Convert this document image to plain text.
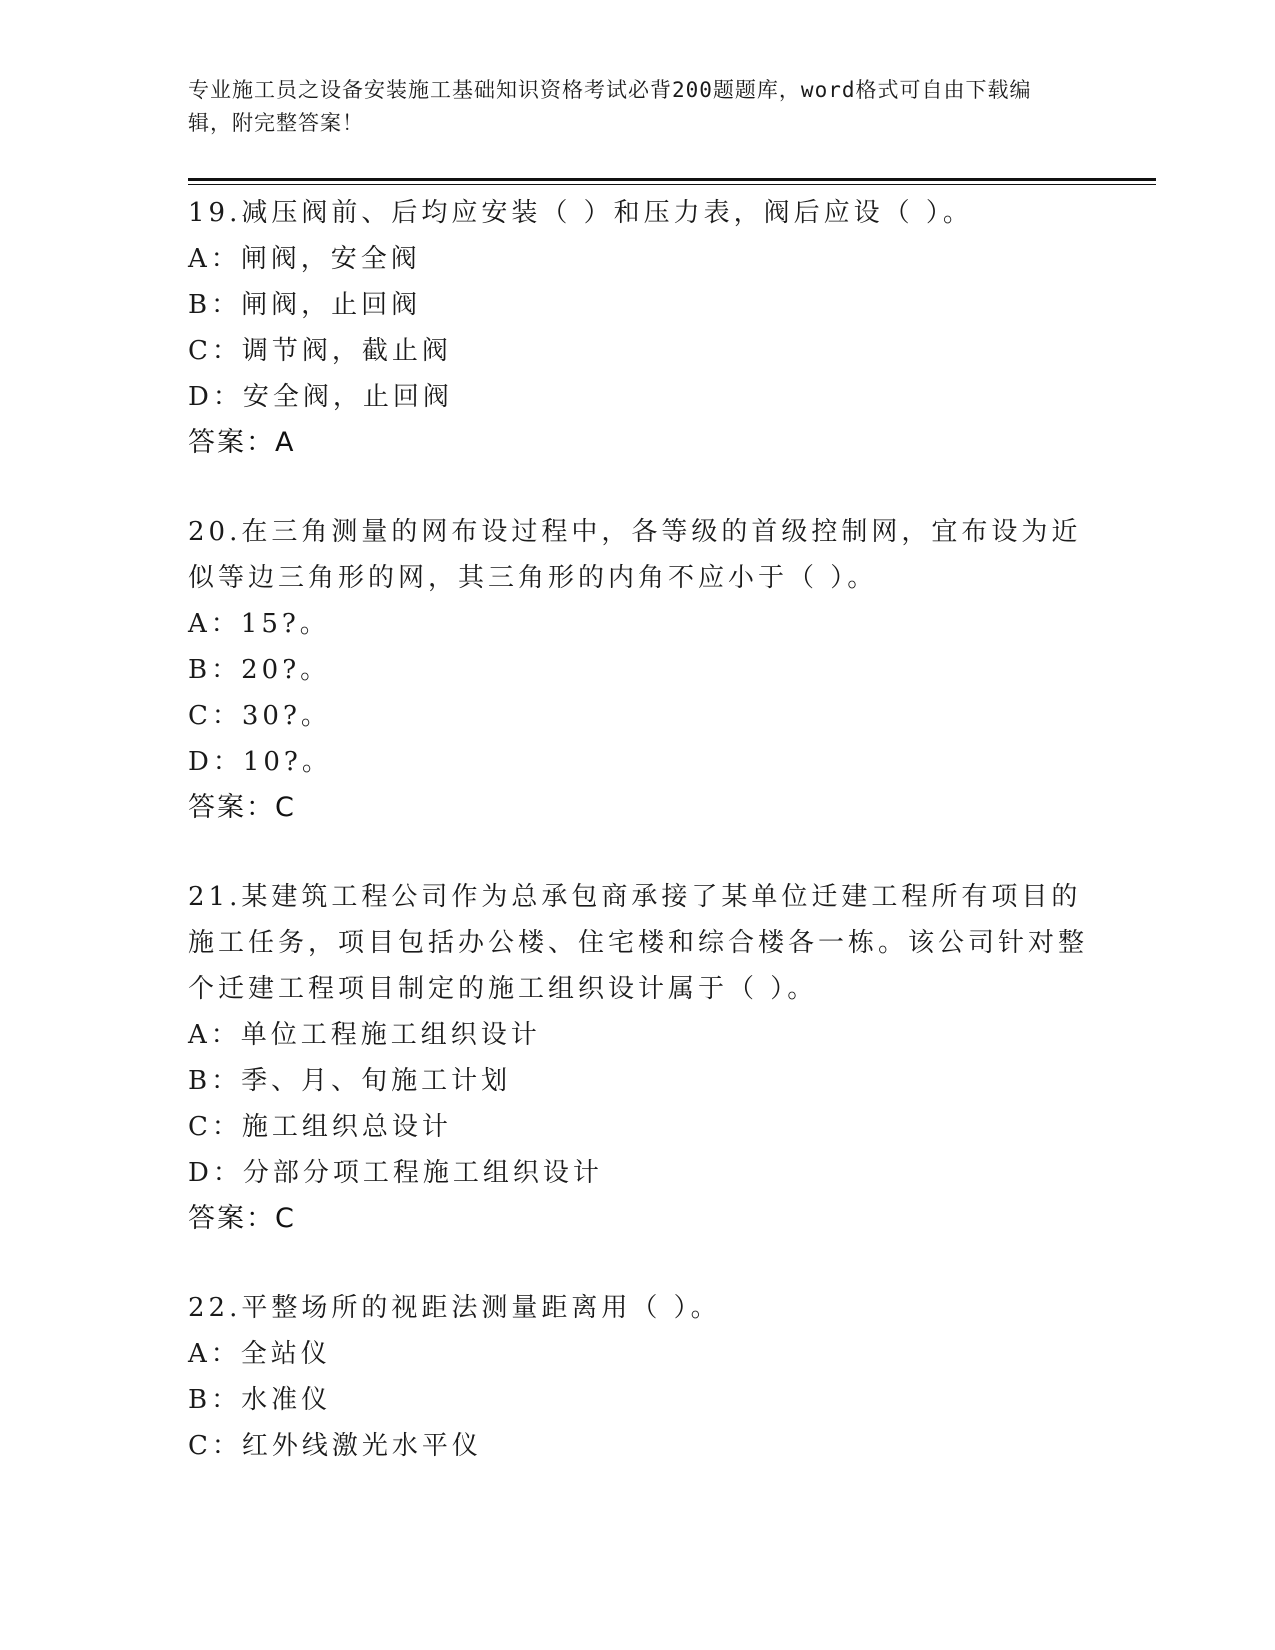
专业施工员之设备安装施工基础知识资格考试必背200题题库，word格式可自由下载编辑，附完整答案！

19.减压阀前、后均应安装（ ）和压力表，阀后应设（ ）。

A：闸阀，安全阀

B：闸阀，止回阀

C：调节阀，截止阀

D：安全阀，止回阀

答案：A

20.在三角测量的网布设过程中，各等级的首级控制网，宜布设为近似等边三角形的网，其三角形的内角不应小于（ ）。

A：15?。

B：20?。

C：30?。

D：10?。

答案：C

21.某建筑工程公司作为总承包商承接了某单位迁建工程所有项目的施工任务，项目包括办公楼、住宅楼和综合楼各一栋。该公司针对整个迁建工程项目制定的施工组织设计属于（ ）。

A：单位工程施工组织设计

B：季、月、旬施工计划

C：施工组织总设计

D：分部分项工程施工组织设计

答案：C

22.平整场所的视距法测量距离用（ ）。

A：全站仪

B：水准仪

C：红外线激光水平仪
